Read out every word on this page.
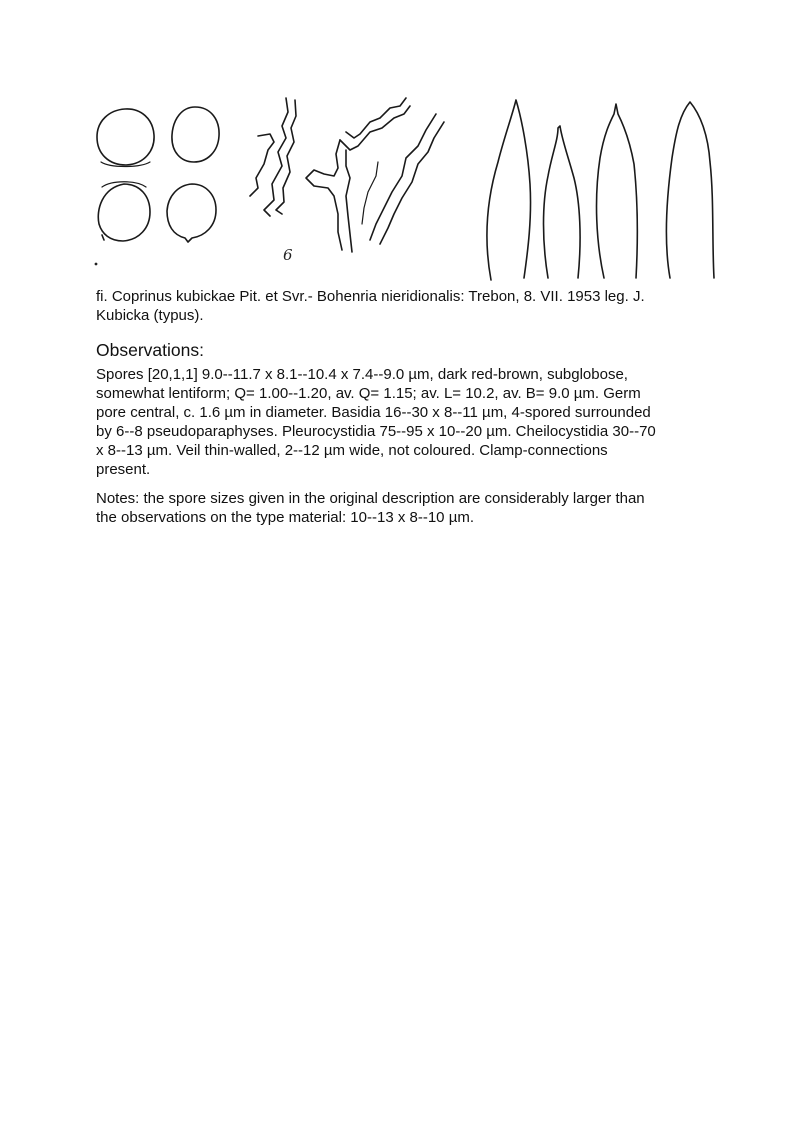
6
fi. Coprinus kubickae Pit. et Svr.- Bohenria nieridionalis: Trebon, 8. VII. 1953 leg. J.
Kubicka (typus).
Observations:
Spores [20,1,1] 9.0--11.7 x 8.1--10.4 x 7.4--9.0 µm, dark red-brown, subglobose,
somewhat lentiform; Q= 1.00--1.20, av. Q= 1.15; av. L= 10.2, av. B= 9.0 µm. Germ
pore central, c. 1.6 µm in diameter. Basidia 16--30 x 8--11 µm, 4-spored surrounded
by 6--8 pseudoparaphyses. Pleurocystidia 75--95 x 10--20 µm. Cheilocystidia 30--70
x 8--13 µm. Veil thin-walled, 2--12 µm wide, not coloured. Clamp-connections
present.
Notes: the spore sizes given in the original description are considerably larger than
the observations on the type material: 10--13 x 8--10 µm.
